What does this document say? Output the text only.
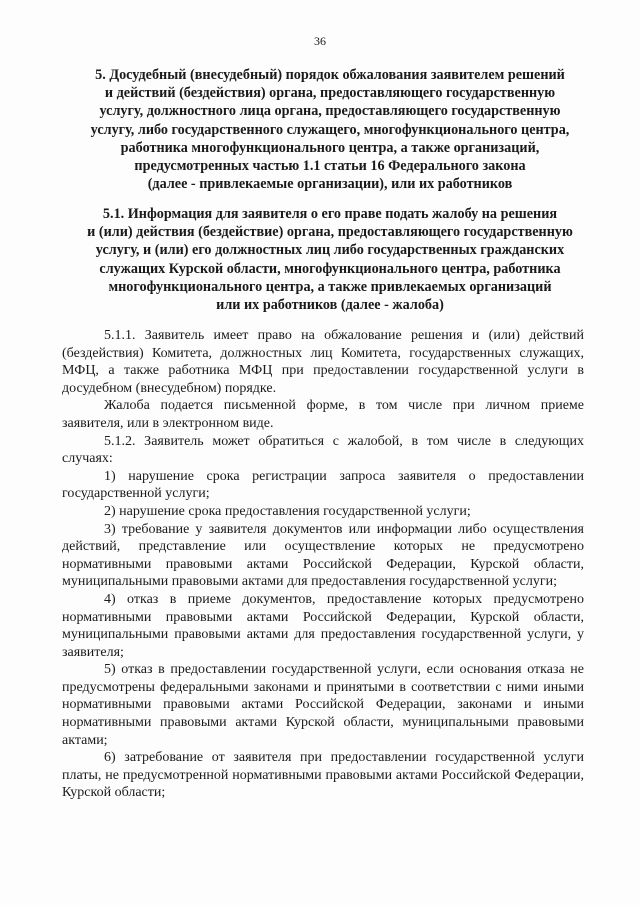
36
5. Досудебный (внесудебный) порядок обжалования заявителем решений
и действий (бездействия) органа, предоставляющего государственную
услугу, должностного лица органа, предоставляющего государственную
услугу, либо государственного служащего, многофункционального центра,
работника многофункционального центра, а также организаций,
предусмотренных частью 1.1 статьи 16 Федерального закона
(далее - привлекаемые организации), или их работников
5.1. Информация для заявителя о его праве подать жалобу на решения
и (или) действия (бездействие) органа, предоставляющего государственную
услугу, и (или) его должностных лиц либо государственных гражданских
служащих Курской области, многофункционального центра, работника
многофункционального центра, а также привлекаемых организаций
или их работников (далее - жалоба)

5.1.1. Заявитель имеет право на обжалование решения и (или) действий (бездействия) Комитета, должностных лиц Комитета, государственных служащих, МФЦ, а также работника МФЦ при предоставлении государственной услуги в досудебном (внесудебном) порядке.

Жалоба подается письменной форме, в том числе при личном приеме заявителя, или в электронном виде.

5.1.2. Заявитель может обратиться с жалобой, в том числе в следующих случаях:

1) нарушение срока регистрации запроса заявителя о предоставлении государственной услуги;

2) нарушение срока предоставления государственной услуги;

3) требование у заявителя документов или информации либо осуществления действий, представление или осуществление которых не предусмотрено нормативными правовыми актами Российской Федерации, Курской области, муниципальными правовыми актами для предоставления государственной услуги;

4) отказ в приеме документов, предоставление которых предусмотрено нормативными правовыми актами Российской Федерации, Курской области, муниципальными правовыми актами для предоставления государственной услуги, у заявителя;

5) отказ в предоставлении государственной услуги, если основания отказа не предусмотрены федеральными законами и принятыми в соответствии с ними иными нормативными правовыми актами Российской Федерации, законами и иными нормативными правовыми актами Курской области, муниципальными правовыми актами;

6) затребование от заявителя при предоставлении государственной услуги платы, не предусмотренной нормативными правовыми актами Российской Федерации, Курской области;
